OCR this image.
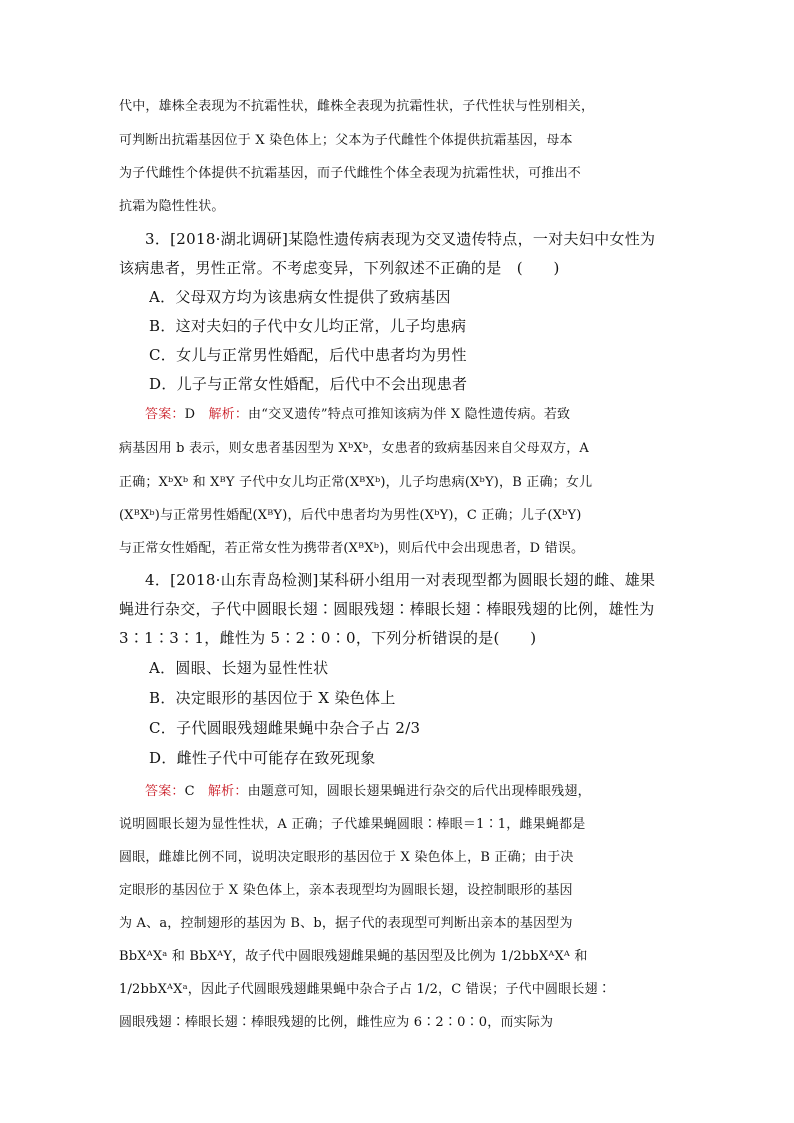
代中，雄株全表现为不抗霜性状，雌株全表现为抗霜性状，子代性状与性别相关，
可判断出抗霜基因位于 X 染色体上；父本为子代雌性个体提供抗霜基因，母本
为子代雌性个体提供不抗霜基因，而子代雌性个体全表现为抗霜性状，可推出不
抗霜为隐性性状。
3．[2018·湖北调研]某隐性遗传病表现为交叉遗传特点，一对夫妇中女性为
该病患者，男性正常。不考虑变异，下列叙述不正确的是　(　　)
A．父母双方均为该患病女性提供了致病基因
B．这对夫妇的子代中女儿均正常，儿子均患病
C．女儿与正常男性婚配，后代中患者均为男性
D．儿子与正常女性婚配，后代中不会出现患者
答案：D　解析：由“交叉遗传”特点可推知该病为伴 X 隐性遗传病。若致
病基因用 b 表示，则女患者基因型为 XᵇXᵇ，女患者的致病基因来自父母双方，A
正确；XᵇXᵇ 和 XᴮY 子代中女儿均正常(XᴮXᵇ)，儿子均患病(XᵇY)，B 正确；女儿
(XᴮXᵇ)与正常男性婚配(XᴮY)，后代中患者均为男性(XᵇY)，C 正确；儿子(XᵇY)
与正常女性婚配，若正常女性为携带者(XᴮXᵇ)，则后代中会出现患者，D 错误。
4．[2018·山东青岛检测]某科研小组用一对表现型都为圆眼长翅的雌、雄果
蝇进行杂交，子代中圆眼长翅∶圆眼残翅∶棒眼长翅∶棒眼残翅的比例，雄性为
3∶1∶3∶1，雌性为 5∶2∶0∶0，下列分析错误的是(　　)
A．圆眼、长翅为显性性状
B．决定眼形的基因位于 X 染色体上
C．子代圆眼残翅雌果蝇中杂合子占 2/3
D．雌性子代中可能存在致死现象
答案：C　解析：由题意可知，圆眼长翅果蝇进行杂交的后代出现棒眼残翅，
说明圆眼长翅为显性性状，A 正确；子代雄果蝇圆眼∶棒眼＝1∶1，雌果蝇都是
圆眼，雌雄比例不同，说明决定眼形的基因位于 X 染色体上，B 正确；由于决
定眼形的基因位于 X 染色体上，亲本表现型均为圆眼长翅，设控制眼形的基因
为 A、a，控制翅形的基因为 B、b，据子代的表现型可判断出亲本的基因型为
BbXᴬXᵃ 和 BbXᴬY，故子代中圆眼残翅雌果蝇的基因型及比例为 1/2bbXᴬXᴬ 和
1/2bbXᴬXᵃ，因此子代圆眼残翅雌果蝇中杂合子占 1/2，C 错误；子代中圆眼长翅∶
圆眼残翅∶棒眼长翅∶棒眼残翅的比例，雌性应为 6∶2∶0∶0，而实际为
